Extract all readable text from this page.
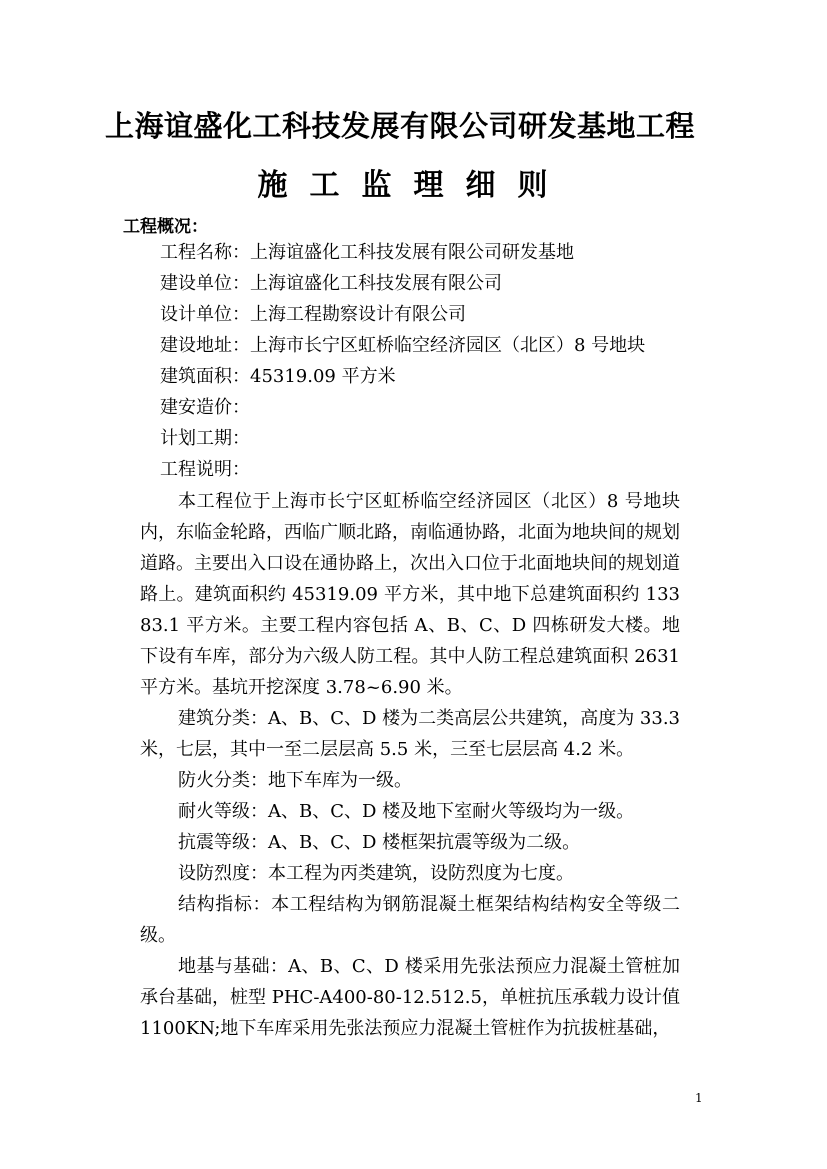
上海谊盛化工科技发展有限公司研发基地工程
施工监理细则
工程概况：
工程名称：上海谊盛化工科技发展有限公司研发基地
建设单位：上海谊盛化工科技发展有限公司
设计单位：上海工程勘察设计有限公司
建设地址：上海市长宁区虹桥临空经济园区（北区）8 号地块
建筑面积：45319.09 平方米
建安造价：
计划工期：
工程说明：

本工程位于上海市长宁区虹桥临空经济园区（北区）8 号地块内，东临金轮路，西临广顺北路，南临通协路，北面为地块间的规划道路。主要出入口设在通协路上，次出入口位于北面地块间的规划道路上。建筑面积约 45319.09 平方米，其中地下总建筑面积约 13383.1 平方米。主要工程内容包括 A、B、C、D 四栋研发大楼。地下设有车库，部分为六级人防工程。其中人防工程总建筑面积 2631 平方米。基坑开挖深度 3.78~6.90 米。

建筑分类：A、B、C、D 楼为二类高层公共建筑，高度为 33.3 米，七层，其中一至二层层高 5.5 米，三至七层层高 4.2 米。

防火分类：地下车库为一级。

耐火等级：A、B、C、D 楼及地下室耐火等级均为一级。

抗震等级：A、B、C、D 楼框架抗震等级为二级。

设防烈度：本工程为丙类建筑，设防烈度为七度。

结构指标：本工程结构为钢筋混凝土框架结构结构安全等级二级。

地基与基础：A、B、C、D 楼采用先张法预应力混凝土管桩加承台基础，桩型 PHC-A400-80-12.512.5，单桩抗压承载力设计值 1100KN;地下车库采用先张法预应力混凝土管桩作为抗拔桩基础，

1
